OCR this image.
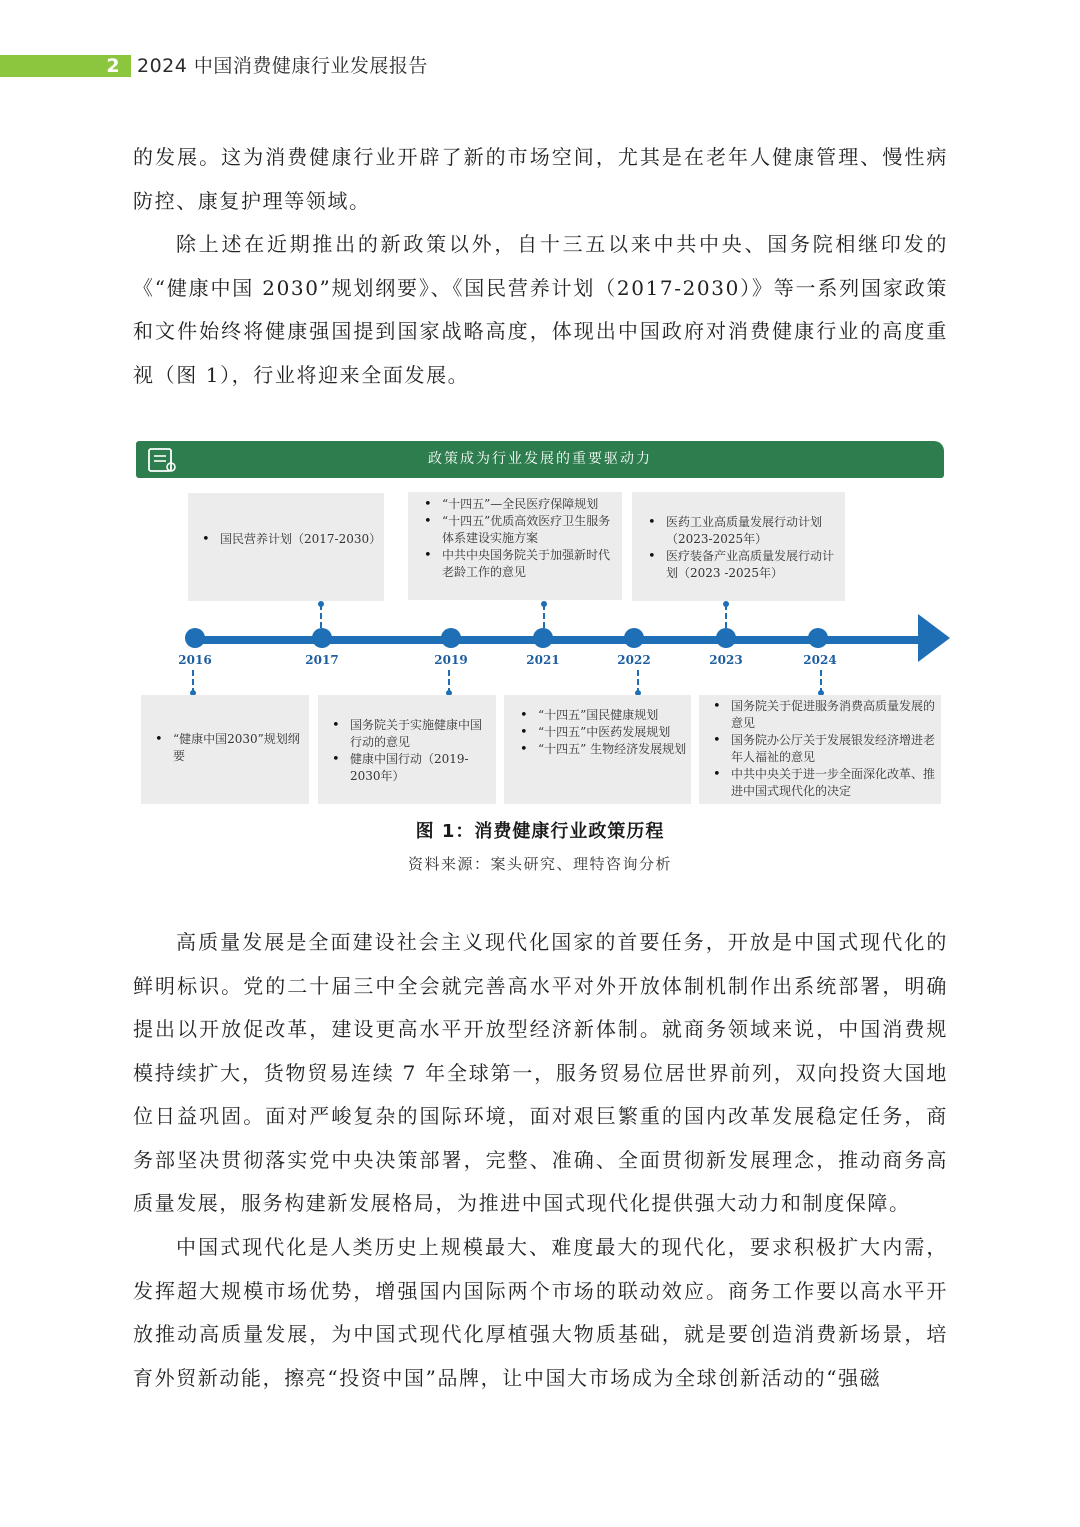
2 2024 中国消费健康行业发展报告

的发展。这为消费健康行业开辟了新的市场空间，尤其是在老年人健康管理、慢性病防控、康复护理等领域。

除上述在近期推出的新政策以外，自十三五以来中共中央、国务院相继印发的《“健康中国 2030”规划纲要》、《国民营养计划（2017-2030）》等一系列国家政策和文件始终将健康强国提到国家战略高度，体现出中国政府对消费健康行业的高度重视（图 1），行业将迎来全面发展。

政策成为行业发展的重要驱动力
• 国民营养计划（2017-2030）
• “十四五”—全民医疗保障规划
• “十四五”优质高效医疗卫生服务体系建设实施方案
• 中共中央国务院关于加强新时代老龄工作的意见
• 医药工业高质量发展行动计划（2023-2025年）
• 医疗装备产业高质量发展行动计划（2023 -2025年）
2016	2017	2019	2021	2022	2023	2024
• “健康中国2030”规划纲要
• 国务院关于实施健康中国行动的意见
• 健康中国行动（2019-2030年）
• “十四五”国民健康规划
• “十四五”中医药发展规划
• “十四五” 生物经济发展规划
• 国务院关于促进服务消费高质量发展的意见
• 国务院办公厅关于发展银发经济增进老年人福祉的意见
• 中共中央关于进一步全面深化改革、推进中国式现代化的决定
图 1：消费健康行业政策历程
资料来源：案头研究、理特咨询分析

高质量发展是全面建设社会主义现代化国家的首要任务，开放是中国式现代化的鲜明标识。党的二十届三中全会就完善高水平对外开放体制机制作出系统部署，明确提出以开放促改革，建设更高水平开放型经济新体制。就商务领域来说，中国消费规模持续扩大，货物贸易连续 7 年全球第一，服务贸易位居世界前列，双向投资大国地位日益巩固。面对严峻复杂的国际环境，面对艰巨繁重的国内改革发展稳定任务，商务部坚决贯彻落实党中央决策部署，完整、准确、全面贯彻新发展理念，推动商务高质量发展，服务构建新发展格局，为推进中国式现代化提供强大动力和制度保障。

中国式现代化是人类历史上规模最大、难度最大的现代化，要求积极扩大内需，发挥超大规模市场优势，增强国内国际两个市场的联动效应。商务工作要以高水平开放推动高质量发展，为中国式现代化厚植强大物质基础，就是要创造消费新场景，培育外贸新动能，擦亮“投资中国”品牌，让中国大市场成为全球创新活动的“强磁
